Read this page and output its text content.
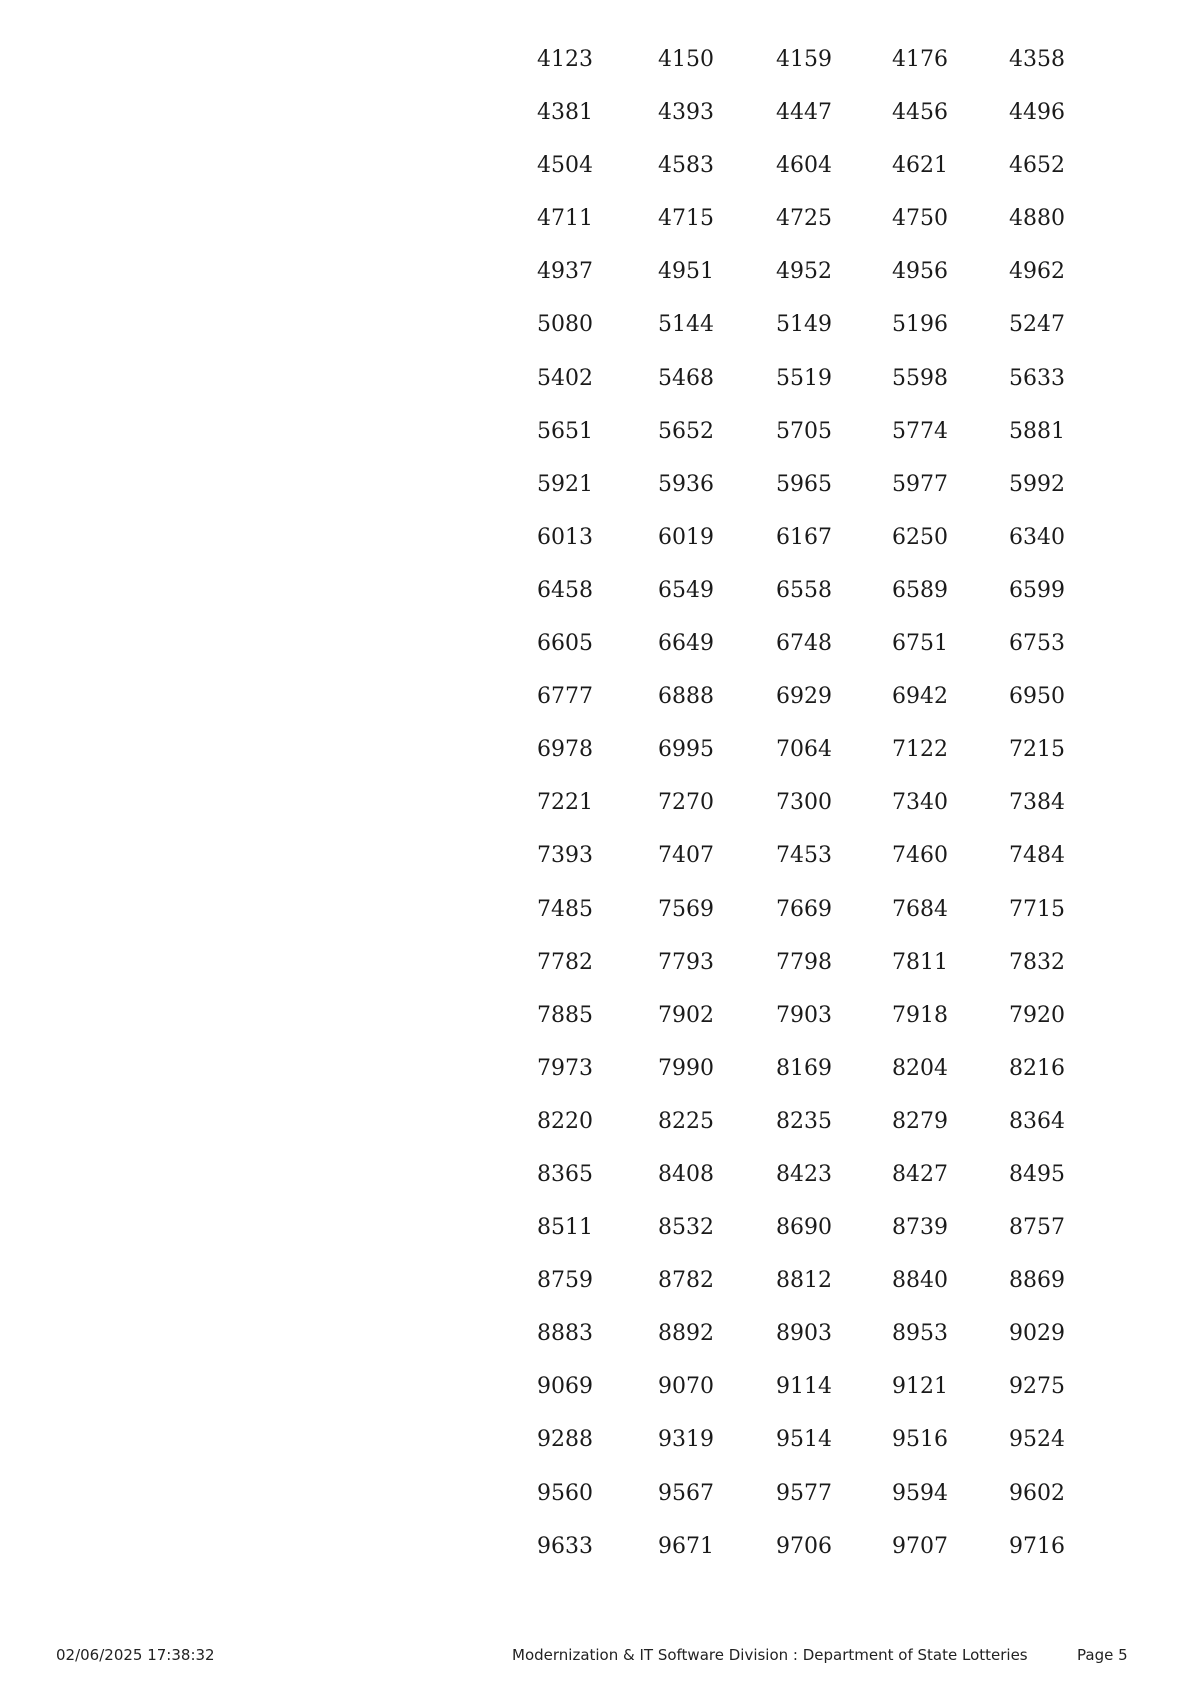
4123	4150	4159	4176	4358
4381	4393	4447	4456	4496
4504	4583	4604	4621	4652
4711	4715	4725	4750	4880
4937	4951	4952	4956	4962
5080	5144	5149	5196	5247
5402	5468	5519	5598	5633
5651	5652	5705	5774	5881
5921	5936	5965	5977	5992
6013	6019	6167	6250	6340
6458	6549	6558	6589	6599
6605	6649	6748	6751	6753
6777	6888	6929	6942	6950
6978	6995	7064	7122	7215
7221	7270	7300	7340	7384
7393	7407	7453	7460	7484
7485	7569	7669	7684	7715
7782	7793	7798	7811	7832
7885	7902	7903	7918	7920
7973	7990	8169	8204	8216
8220	8225	8235	8279	8364
8365	8408	8423	8427	8495
8511	8532	8690	8739	8757
8759	8782	8812	8840	8869
8883	8892	8903	8953	9029
9069	9070	9114	9121	9275
9288	9319	9514	9516	9524
9560	9567	9577	9594	9602
9633	9671	9706	9707	9716
02/06/2025 17:38:32	Modernization & IT Software Division : Department of State Lotteries	Page 5
